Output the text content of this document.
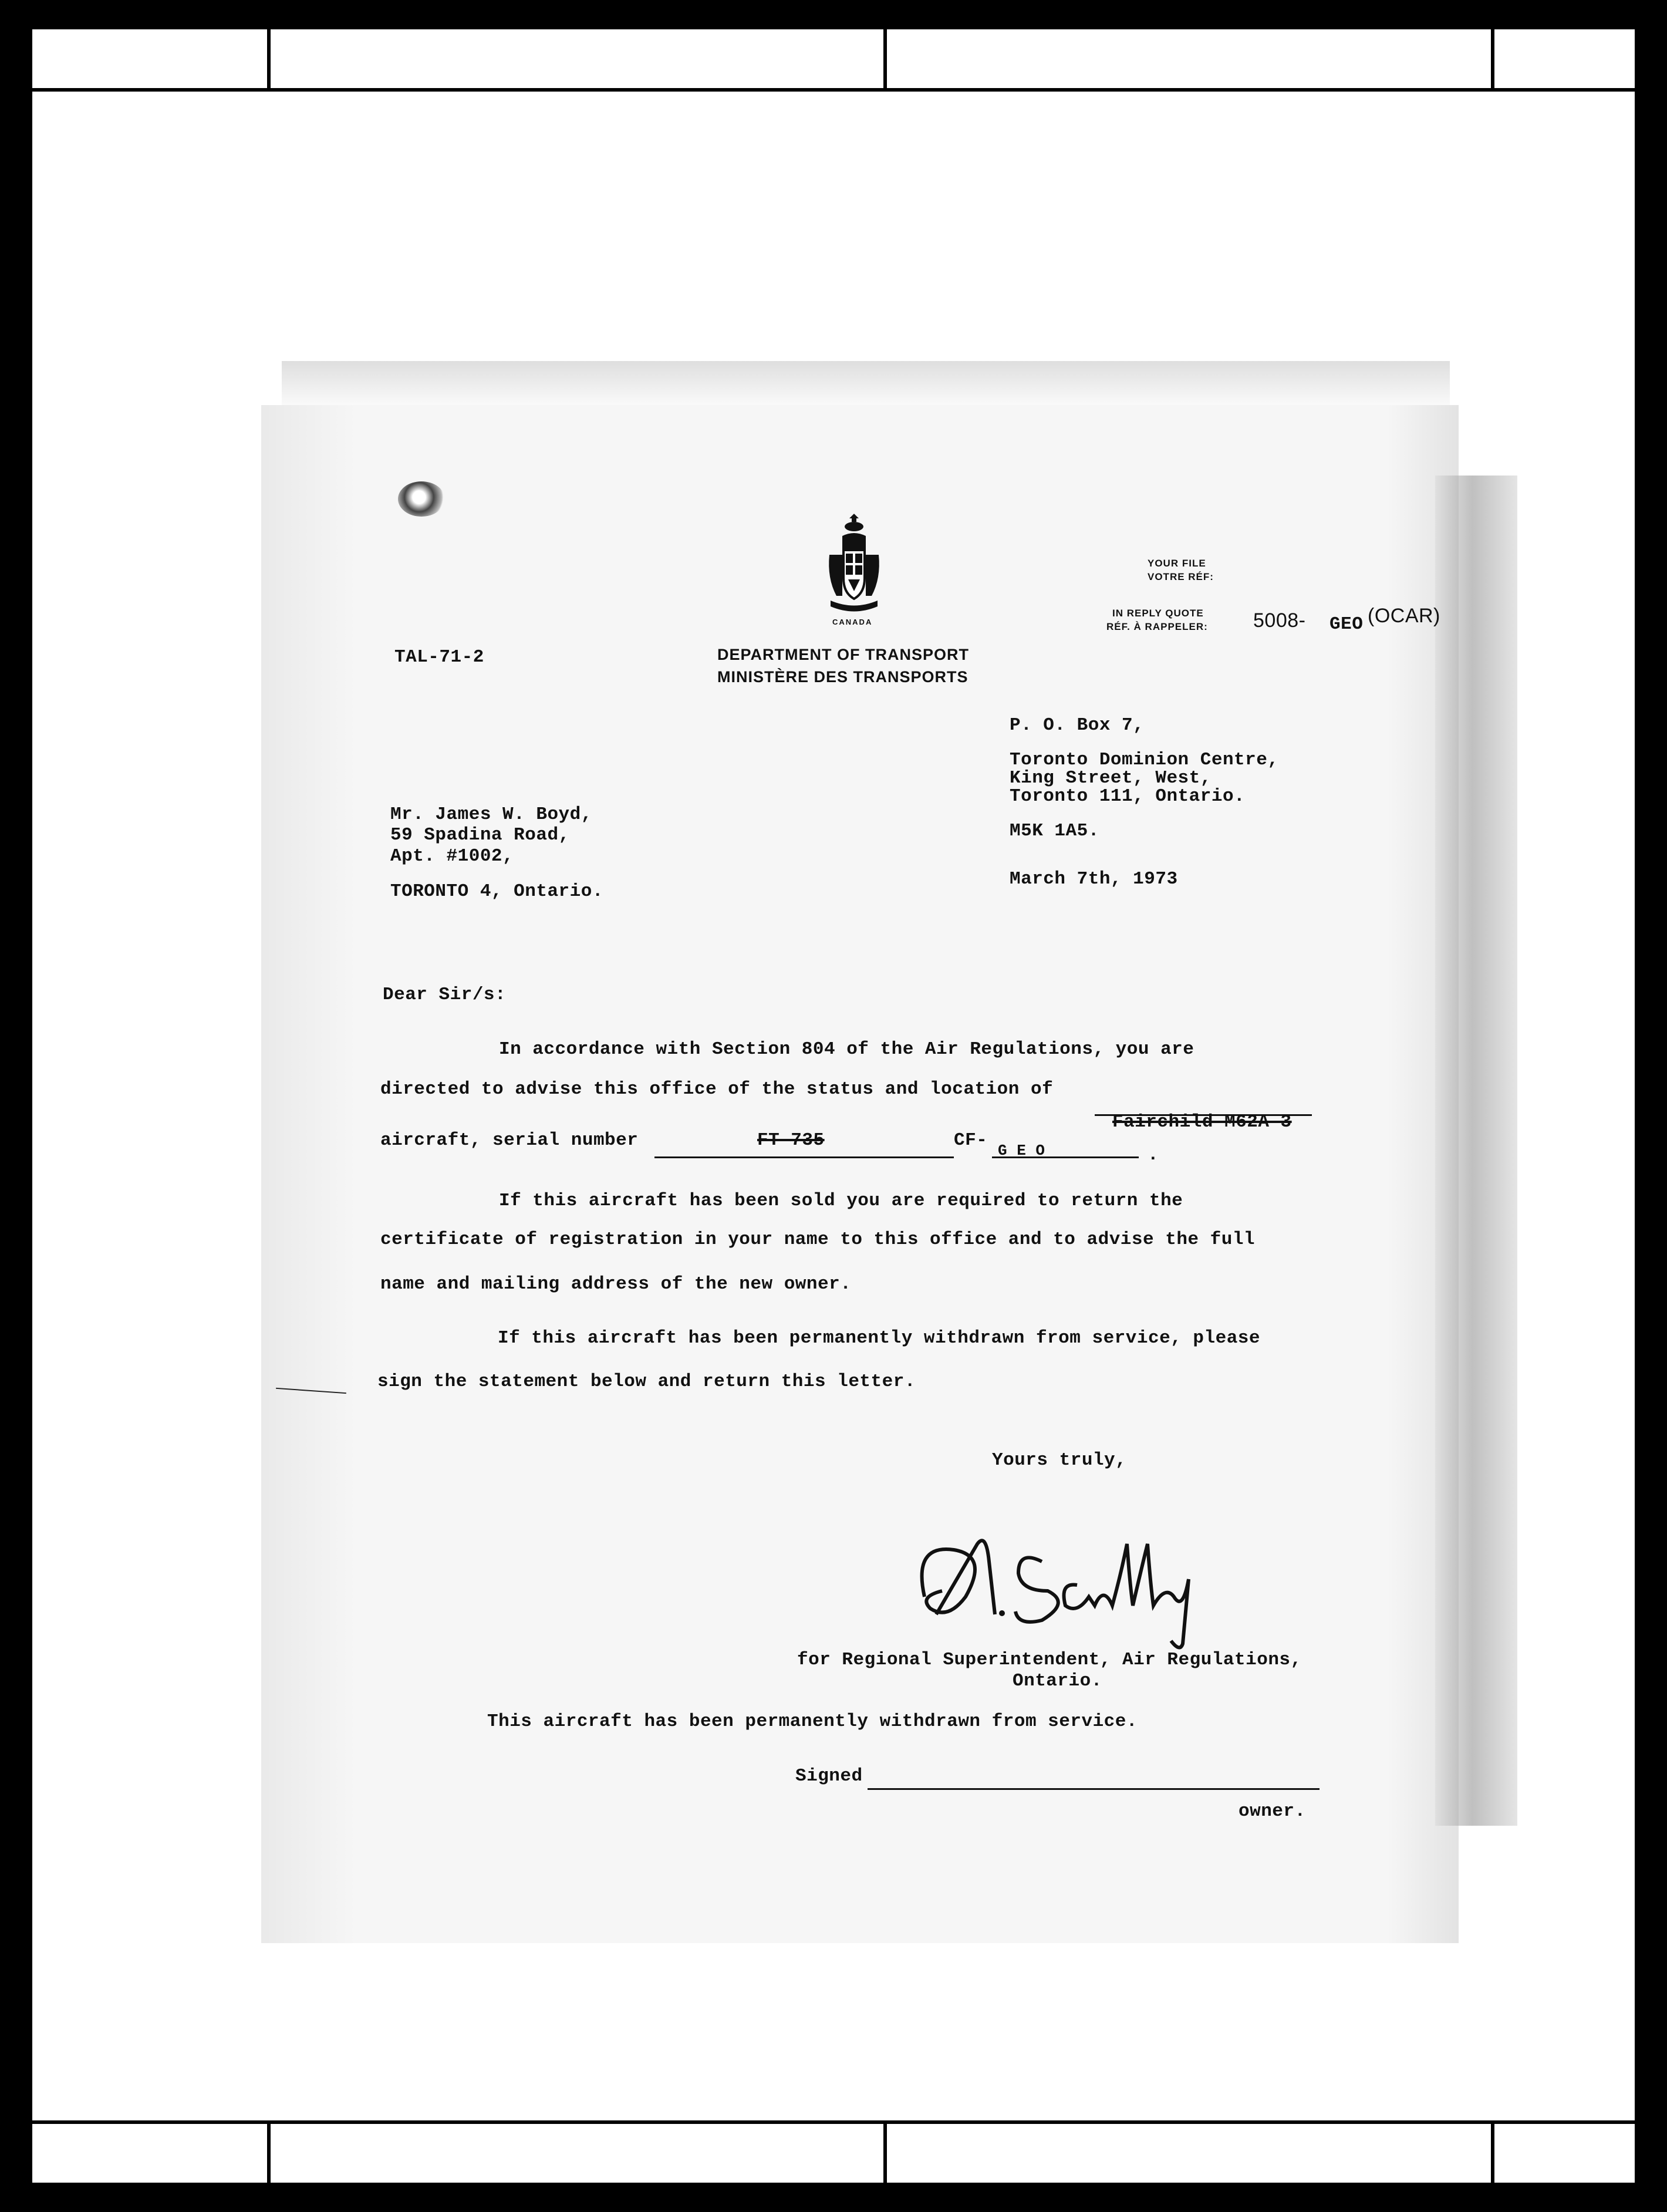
CANADA
DEPARTMENT OF TRANSPORT
MINISTÈRE DES TRANSPORTS
YOUR FILE
VOTRE RÉF:
IN REPLY QUOTE
RÉF. À RAPPELER: 5008- GEO (OCAR)
TAL-71-2
P. O. Box 7,
Toronto Dominion Centre,
King Street, West,
Toronto 111, Ontario.
M5K 1A5.
March 7th, 1973
Mr. James W. Boyd,
59 Spadina Road,
Apt. #1002,
TORONTO 4, Ontario.
Dear Sir/s:
In accordance with Section 804 of the Air Regulations, you are
directed to advise this office of the status and location of
Fairchild M62A-3
aircraft, serial number	FT-735	CF- G E O	.
If this aircraft has been sold you are required to return the
certificate of registration in your name to this office and to advise the full
name and mailing address of the new owner.
If this aircraft has been permanently withdrawn from service, please
sign the statement below and return this letter.
Yours truly,
for Regional Superintendent, Air Regulations,
Ontario.
This aircraft has been permanently withdrawn from service.
Signed
owner.
